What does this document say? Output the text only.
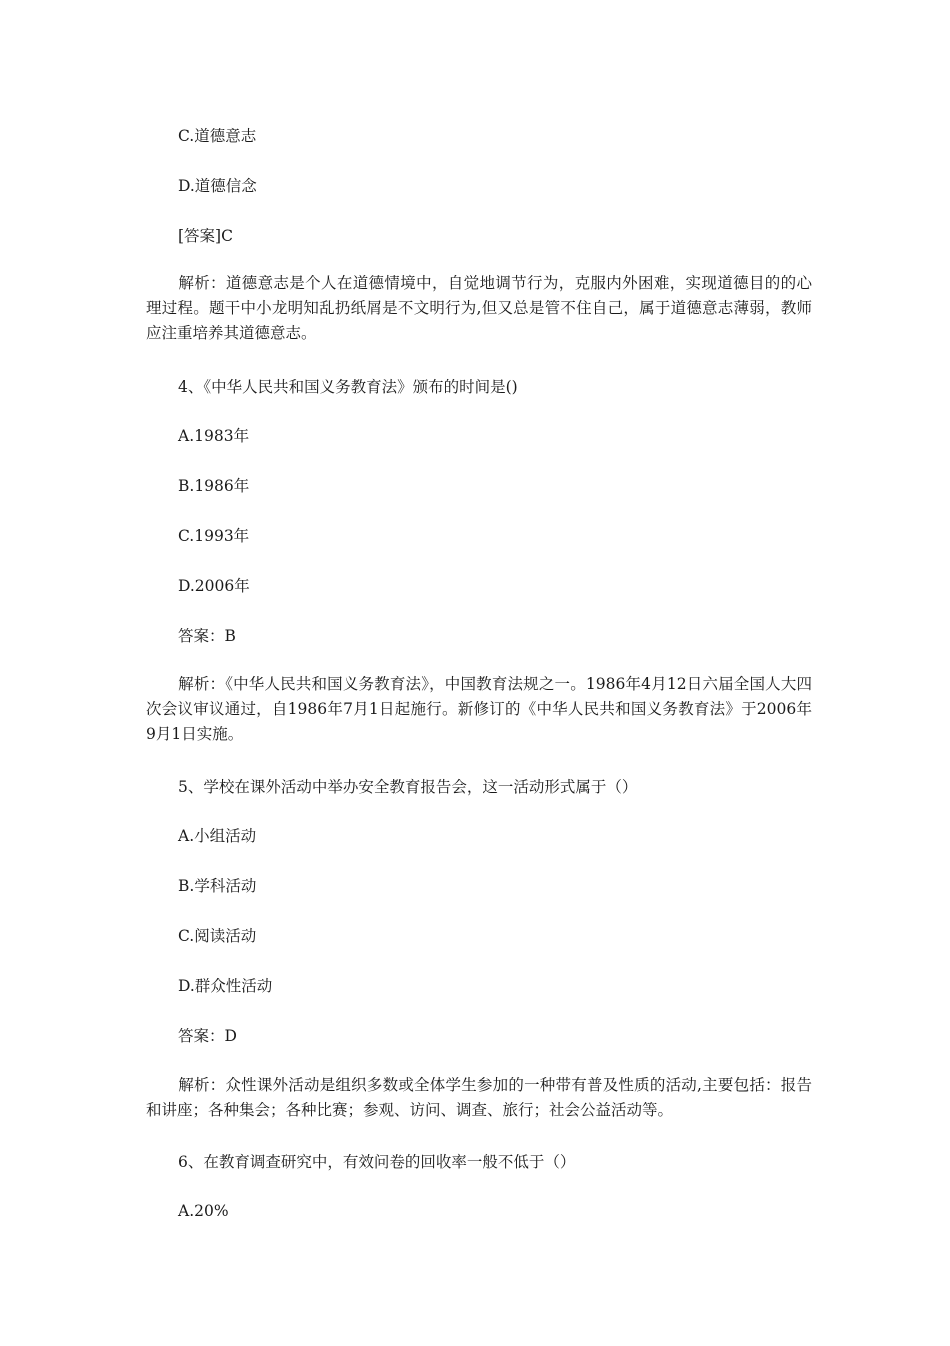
C.道德意志

D.道德信念

[答案]C

解析：道德意志是个人在道德情境中，自觉地调节行为，克服内外困难，实现道德目的的心理过程。题干中小龙明知乱扔纸屑是不文明行为,但又总是管不住自己，属于道德意志薄弱，教师应注重培养其道德意志。

4、《中华人民共和国义务教育法》颁布的时间是()

A.1983年

B.1986年

C.1993年

D.2006年

答案：B

解析：《中华人民共和国义务教育法》，中国教育法规之一。1986年4月12日六届全国人大四次会议审议通过，自1986年7月1日起施行。新修订的《中华人民共和国义务教育法》于2006年9月1日实施。

5、学校在课外活动中举办安全教育报告会，这一活动形式属于（）

A.小组活动

B.学科活动

C.阅读活动

D.群众性活动

答案：D

解析：众性课外活动是组织多数或全体学生参加的一种带有普及性质的活动,主要包括：报告和讲座；各种集会；各种比赛；参观、访问、调查、旅行；社会公益活动等。

6、在教育调查研究中，有效问卷的回收率一般不低于（）

A.20%
